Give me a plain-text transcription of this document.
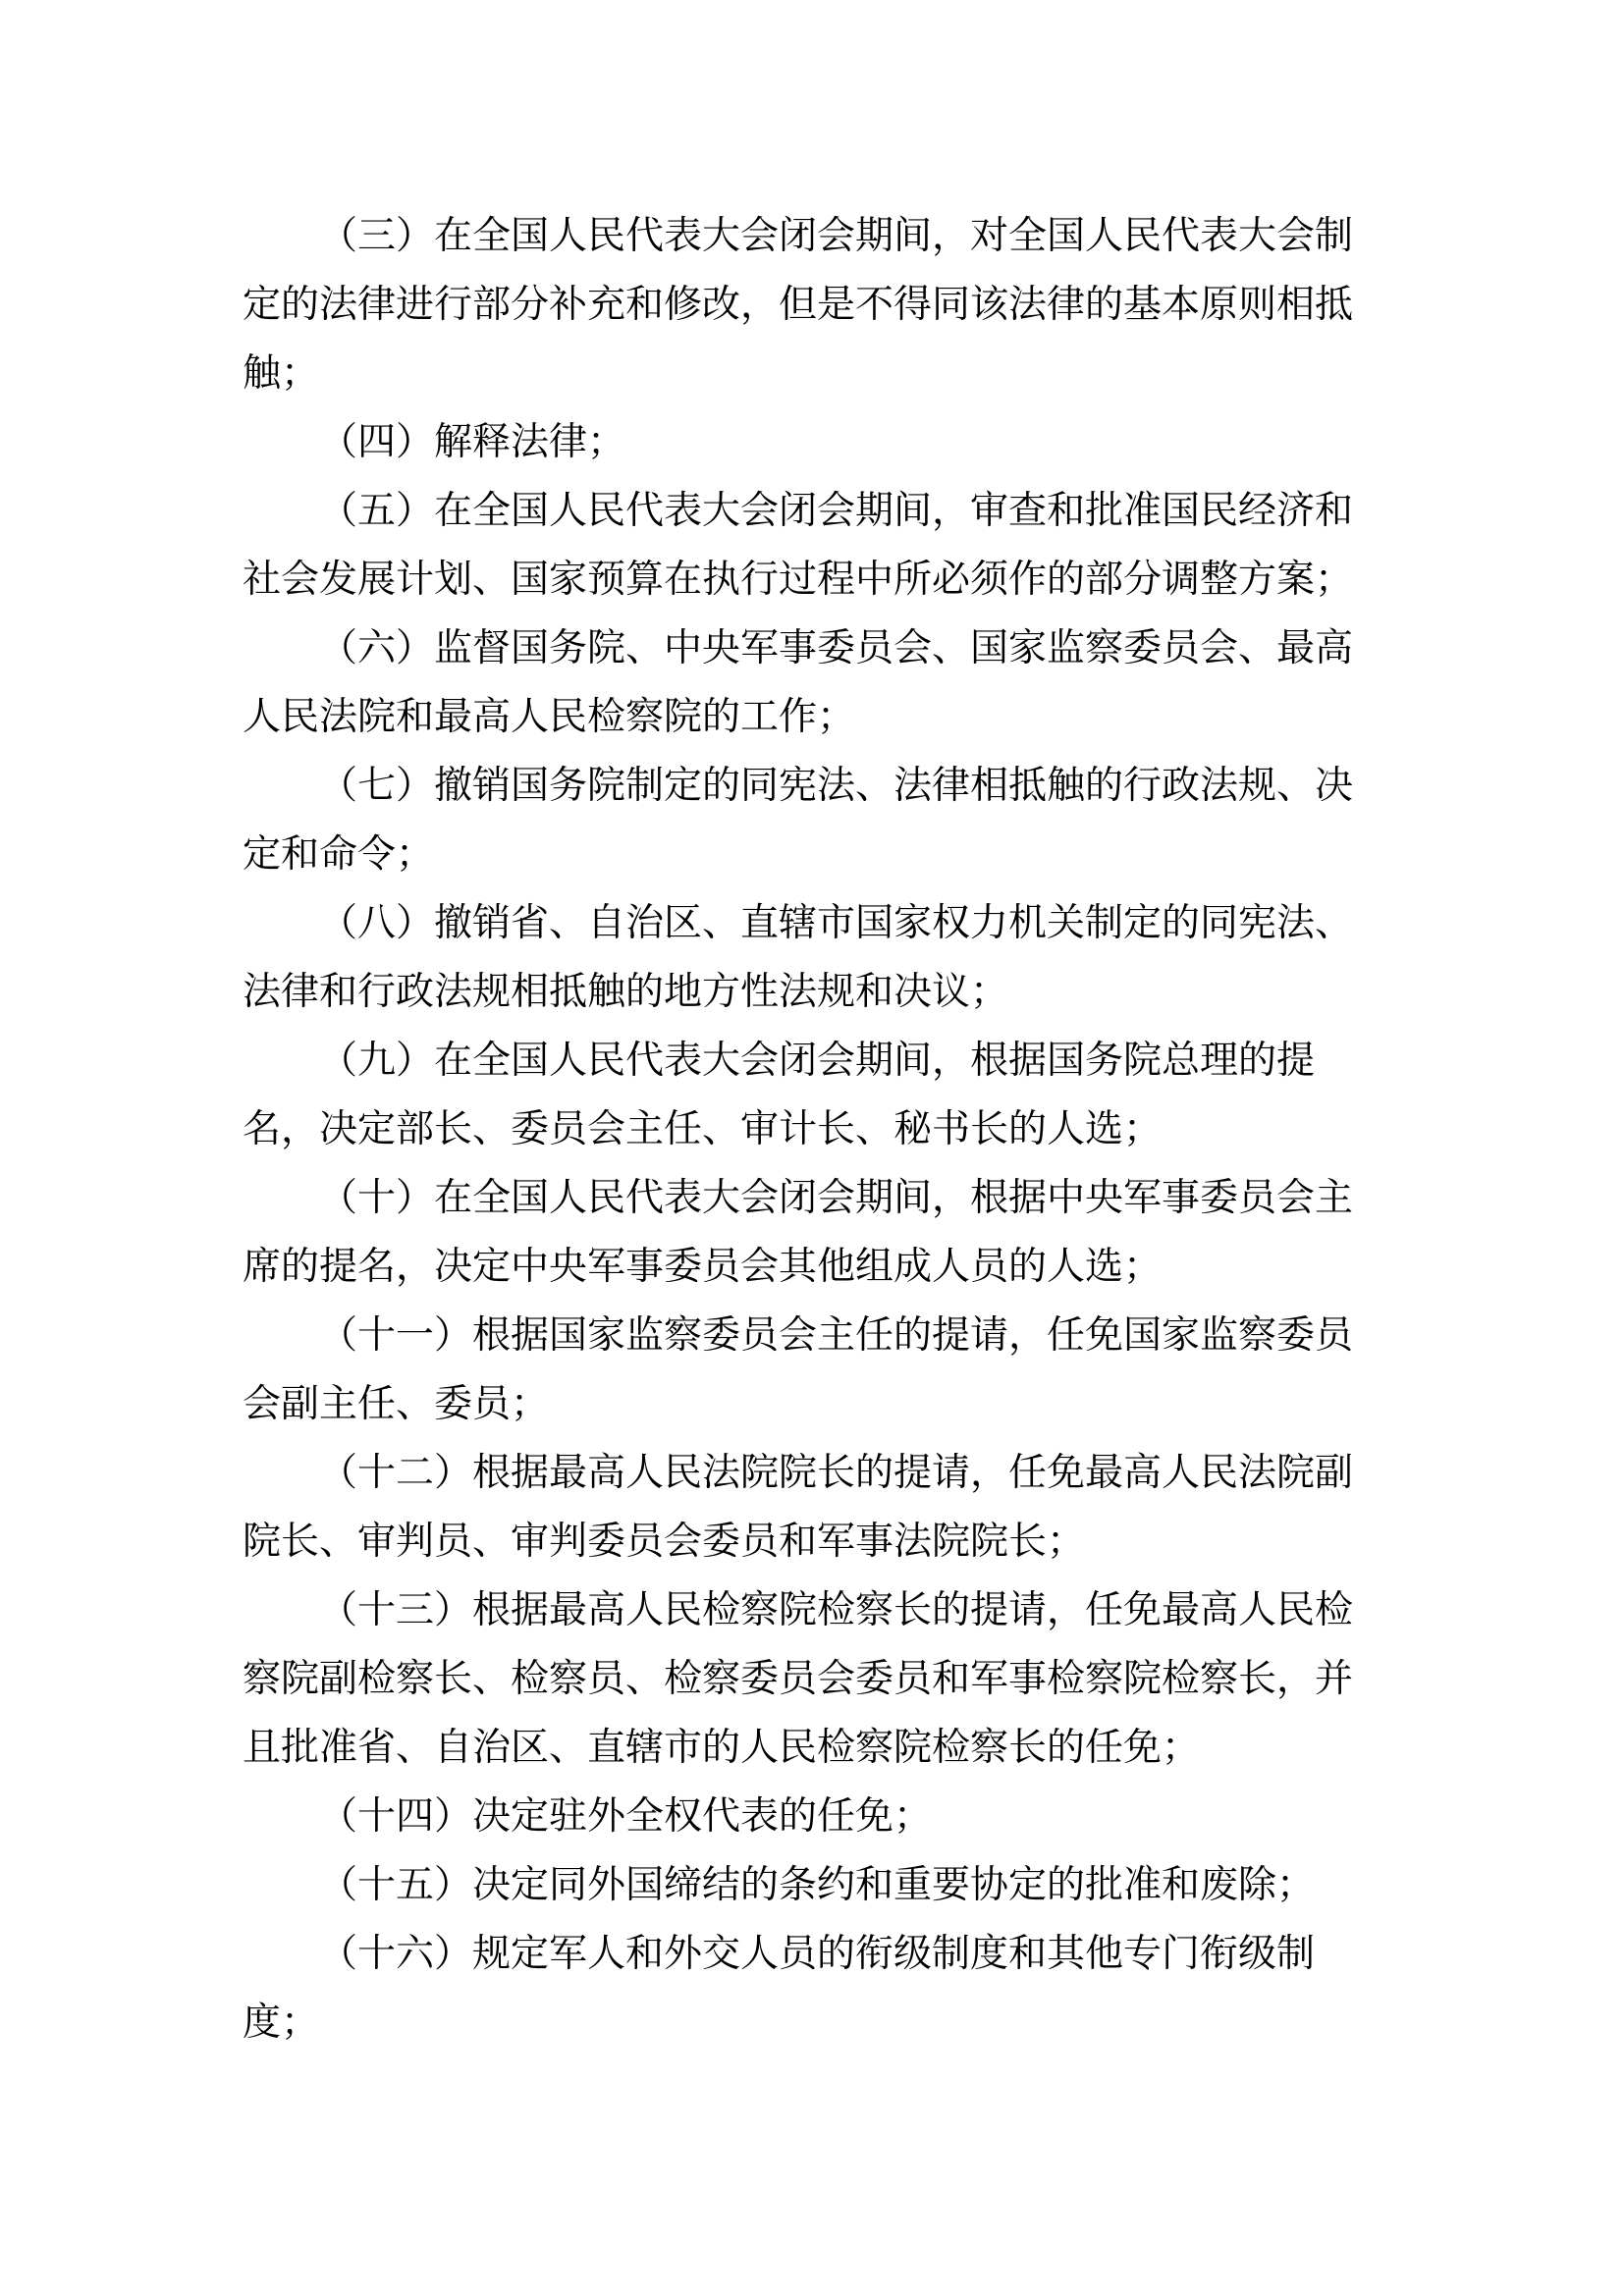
（三）在全国人民代表大会闭会期间，对全国人民代表大会制
定的法律进行部分补充和修改，但是不得同该法律的基本原则相抵
触；
（四）解释法律；
（五）在全国人民代表大会闭会期间，审查和批准国民经济和
社会发展计划、国家预算在执行过程中所必须作的部分调整方案；
（六）监督国务院、中央军事委员会、国家监察委员会、最高
人民法院和最高人民检察院的工作；
（七）撤销国务院制定的同宪法、法律相抵触的行政法规、决
定和命令；
（八）撤销省、自治区、直辖市国家权力机关制定的同宪法、
法律和行政法规相抵触的地方性法规和决议；
（九）在全国人民代表大会闭会期间，根据国务院总理的提
名，决定部长、委员会主任、审计长、秘书长的人选；
（十）在全国人民代表大会闭会期间，根据中央军事委员会主
席的提名，决定中央军事委员会其他组成人员的人选；
（十一）根据国家监察委员会主任的提请，任免国家监察委员
会副主任、委员；
（十二）根据最高人民法院院长的提请，任免最高人民法院副
院长、审判员、审判委员会委员和军事法院院长；
（十三）根据最高人民检察院检察长的提请，任免最高人民检
察院副检察长、检察员、检察委员会委员和军事检察院检察长，并
且批准省、自治区、直辖市的人民检察院检察长的任免；
（十四）决定驻外全权代表的任免；
（十五）决定同外国缔结的条约和重要协定的批准和废除；
（十六）规定军人和外交人员的衔级制度和其他专门衔级制
度；
